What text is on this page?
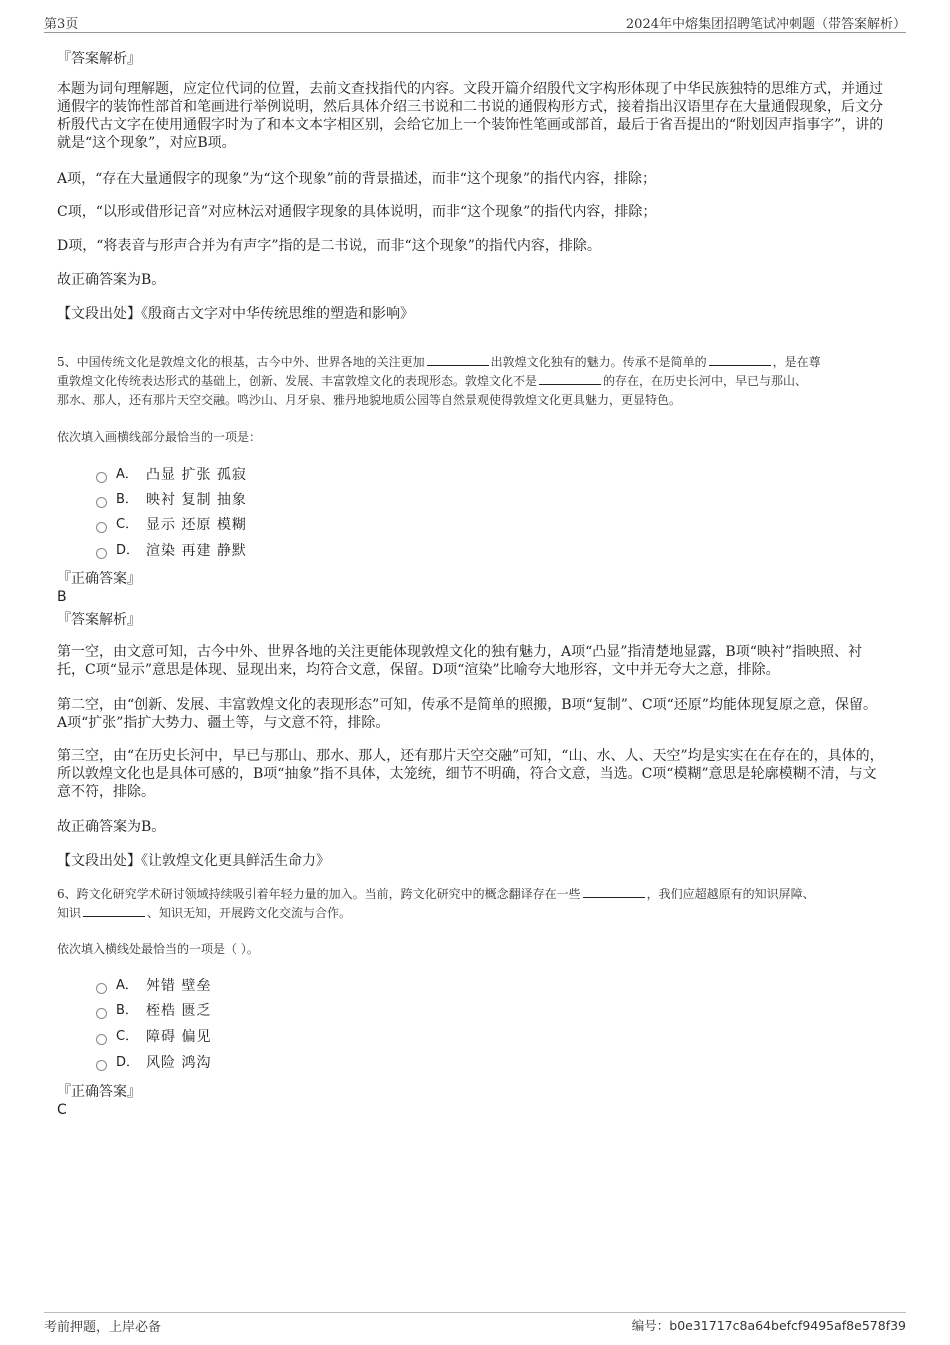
第3页	2024年中熔集团招聘笔试冲刺题（带答案解析）
『答案解析』

本题为词句理解题，应定位代词的位置，去前文查找指代的内容。文段开篇介绍殷代文字构形体现了中华民族独特的思维方式，并通过通假字的装饰性部首和笔画进行举例说明，然后具体介绍三书说和二书说的通假构形方式，接着指出汉语里存在大量通假现象，后文分析殷代古文字在使用通假字时为了和本文本字相区别，会给它加上一个装饰性笔画或部首，最后于省吾提出的“附划因声指事字”，讲的就是“这个现象”，对应B项。

A项，“存在大量通假字的现象”为“这个现象”前的背景描述，而非“这个现象”的指代内容，排除；

C项，“以形或借形记音”对应林沄对通假字现象的具体说明，而非“这个现象”的指代内容，排除；

D项，“将表音与形声合并为有声字”指的是二书说，而非“这个现象”的指代内容，排除。

故正确答案为B。

【文段出处】《殷商古文字对中华传统思维的塑造和影响》

5、中国传统文化是敦煌文化的根基，古今中外、世界各地的关注更加	出敦煌文化独有的魅力。传承不是简单的	，是在尊
重敦煌文化传统表达形式的基础上，创新、发展、丰富敦煌文化的表现形态。敦煌文化不是	的存在，在历史长河中，早已与那山、
那水、那人，还有那片天空交融。鸣沙山、月牙泉、雅丹地貌地质公园等自然景观使得敦煌文化更具魅力，更显特色。

依次填入画横线部分最恰当的一项是：

A． 凸显 扩张 孤寂
B． 映衬 复制 抽象
C． 显示 还原 模糊
D． 渲染 再建 静默
『正确答案』
B
『答案解析』

第一空，由文意可知，古今中外、世界各地的关注更能体现敦煌文化的独有魅力，A项“凸显”指清楚地显露，B项“映衬”指映照、衬托，C项“显示”意思是体现、显现出来，均符合文意，保留。D项“渲染”比喻夸大地形容，文中并无夸大之意，排除。

第二空，由“创新、发展、丰富敦煌文化的表现形态”可知，传承不是简单的照搬，B项“复制”、C项“还原”均能体现复原之意，保留。A项“扩张”指扩大势力、疆土等，与文意不符，排除。

第三空，由“在历史长河中，早已与那山、那水、那人，还有那片天空交融”可知，“山、水、人、天空”均是实实在在存在的，具体的，所以敦煌文化也是具体可感的，B项“抽象”指不具体，太笼统，细节不明确，符合文意，当选。C项“模糊”意思是轮廓模糊不清，与文意不符，排除。

故正确答案为B。

【文段出处】《让敦煌文化更具鲜活生命力》

6、跨文化研究学术研讨领域持续吸引着年轻力量的加入。当前，跨文化研究中的概念翻译存在一些	，我们应超越原有的知识屏障、
知识	、知识无知，开展跨文化交流与合作。

依次填入横线处最恰当的一项是（ ）。

A． 舛错 壁垒
B． 桎梏 匮乏
C． 障碍 偏见
D． 风险 鸿沟
『正确答案』
C
考前押题，上岸必备	编号：b0e31717c8a64befcf9495af8e578f39
